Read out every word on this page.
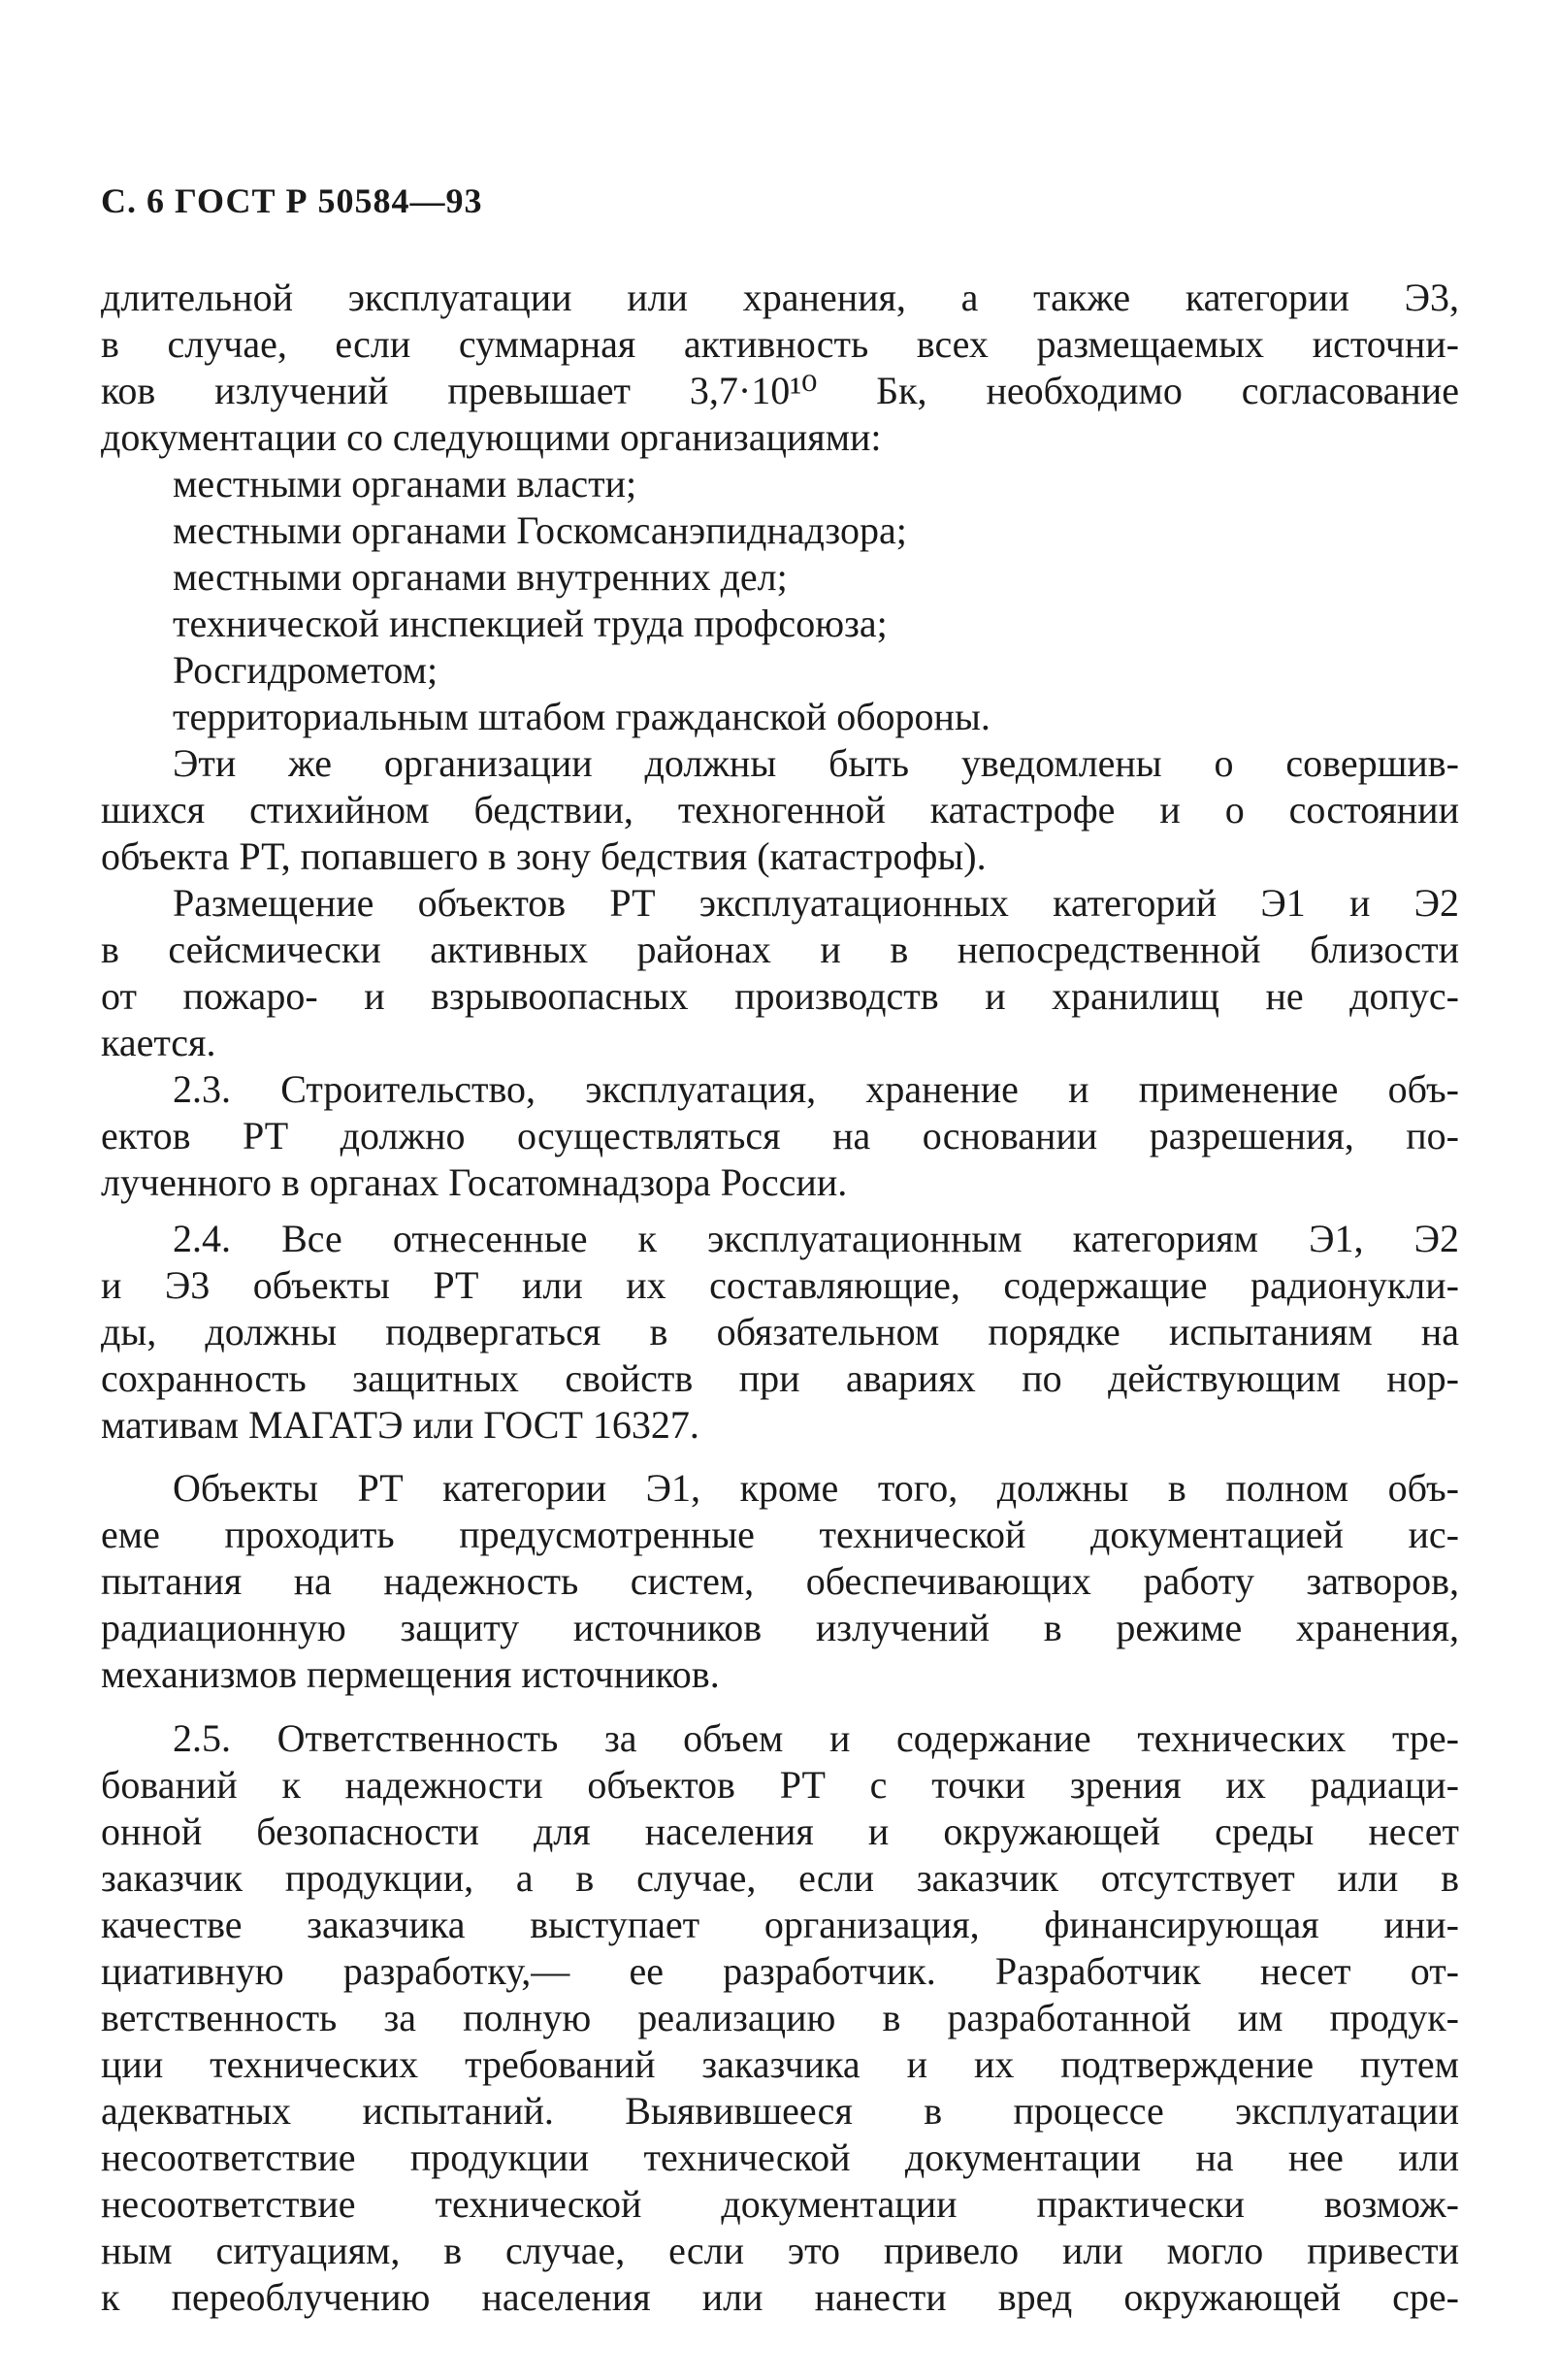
С. 6 ГОСТ Р 50584—93
длительной эксплуатации или хранения, а также категории Э3,
в случае, если суммарная активность всех размещаемых источни-
ков излучений превышает 3,7·10¹⁰ Бк, необходимо согласование
документации со следующими организациями:
местными органами власти;
местными органами Госкомсанэпиднадзора;
местными органами внутренних дел;
технической инспекцией труда профсоюза;
Росгидрометом;
территориальным штабом гражданской обороны.
Эти же организации должны быть уведомлены о совершив-
шихся стихийном бедствии, техногенной катастрофе и о состоянии
объекта РТ, попавшего в зону бедствия (катастрофы).
Размещение объектов РТ эксплуатационных категорий Э1 и Э2
в сейсмически активных районах и в непосредственной близости
от пожаро- и взрывоопасных производств и хранилищ не допус-
кается.
2.3. Строительство, эксплуатация, хранение и применение объ-
ектов РТ должно осуществляться на основании разрешения, по-
лученного в органах Госатомнадзора России.
2.4. Все отнесенные к эксплуатационным категориям Э1, Э2
и Э3 объекты РТ или их составляющие, содержащие радионукли-
ды, должны подвергаться в обязательном порядке испытаниям на
сохранность защитных свойств при авариях по действующим нор-
мативам МАГАТЭ или ГОСТ 16327.
Объекты РТ категории Э1, кроме того, должны в полном объ-
еме проходить предусмотренные технической документацией ис-
пытания на надежность систем, обеспечивающих работу затворов,
радиационную защиту источников излучений в режиме хранения,
механизмов пермещения источников.
2.5. Ответственность за объем и содержание технических тре-
бований к надежности объектов РТ с точки зрения их радиаци-
онной безопасности для населения и окружающей среды несет
заказчик продукции, а в случае, если заказчик отсутствует или в
качестве заказчика выступает организация, финансирующая ини-
циативную разработку,— ее разработчик. Разработчик несет от-
ветственность за полную реализацию в разработанной им продук-
ции технических требований заказчика и их подтверждение путем
адекватных испытаний. Выявившееся в процессе эксплуатации
несоответствие продукции технической документации на нее или
несоответствие технической документации практически возмож-
ным ситуациям, в случае, если это привело или могло привести
к переоблучению населения или нанести вред окружающей сре-
